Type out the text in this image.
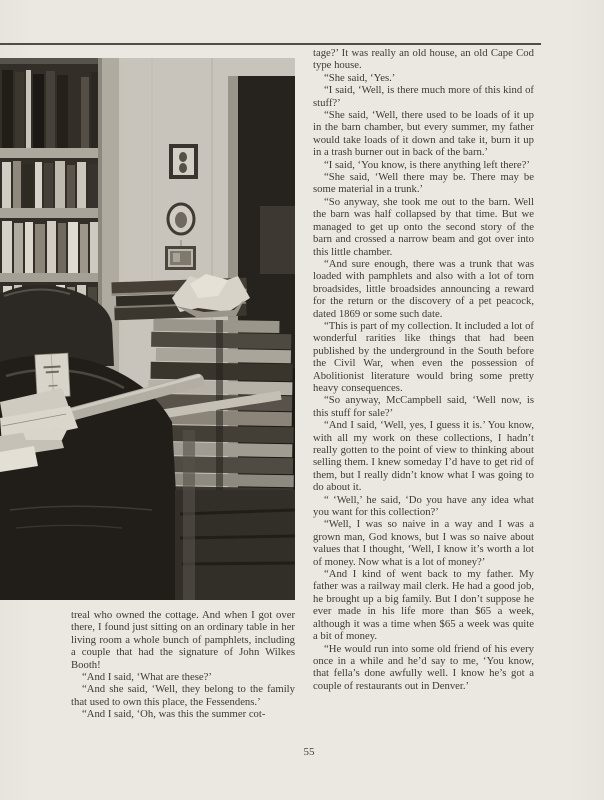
treal who owned the cottage. And when I got over there, I found just sitting on an ordinary table in her living room a whole bunch of pamphlets, including a couple that had the signature of John Wilkes Booth!

“And I said, ‘What are these?’

“And she said, ‘Well, they belong to the family that used to own this place, the Fessendens.’

“And I said, ‘Oh, was this the summer cot-

tage?’ It was really an old house, an old Cape Cod type house.

“She said, ‘Yes.’

“I said, ‘Well, is there much more of this kind of stuff?’

“She said, ‘Well, there used to be loads of it up in the barn chamber, but every summer, my father would take loads of it down and take it, burn it up in a trash burner out in back of the barn.’

“I said, ‘You know, is there anything left there?’

“She said, ‘Well there may be. There may be some material in a trunk.’

“So anyway, she took me out to the barn. Well the barn was half collapsed by that time. But we managed to get up onto the second story of the barn and crossed a narrow beam and got over into this little chamber.

“And sure enough, there was a trunk that was loaded with pamphlets and also with a lot of torn broadsides, little broadsides announcing a reward for the return or the discovery of a pet peacock, dated 1869 or some such date.

“This is part of my collection. It included a lot of wonderful rarities like things that had been published by the underground in the South before the Civil War, when even the possession of Abolitionist literature would bring some pretty heavy consequences.

“So anyway, McCampbell said, ‘Well now, is this stuff for sale?’

“And I said, ‘Well, yes, I guess it is.’ You know, with all my work on these collections, I hadn’t really gotten to the point of view to thinking about selling them. I knew someday I’d have to get rid of them, but I really didn’t know what I was going to do about it.

“ ‘Well,’ he said, ‘Do you have any idea what you want for this collection?’

“Well, I was so naive in a way and I was a grown man, God knows, but I was so naive about values that I thought, ‘Well, I know it’s worth a lot of money. Now what is a lot of money?’

“And I kind of went back to my father. My father was a railway mail clerk. He had a good job, he brought up a big family. But I don’t suppose he ever made in his life more than $65 a week, although it was a time when $65 a week was quite a bit of money.

“He would run into some old friend of his every once in a while and he’d say to me, ‘You know, that fella’s done awfully well. I know he’s got a couple of restaurants out in Denver.’

55
